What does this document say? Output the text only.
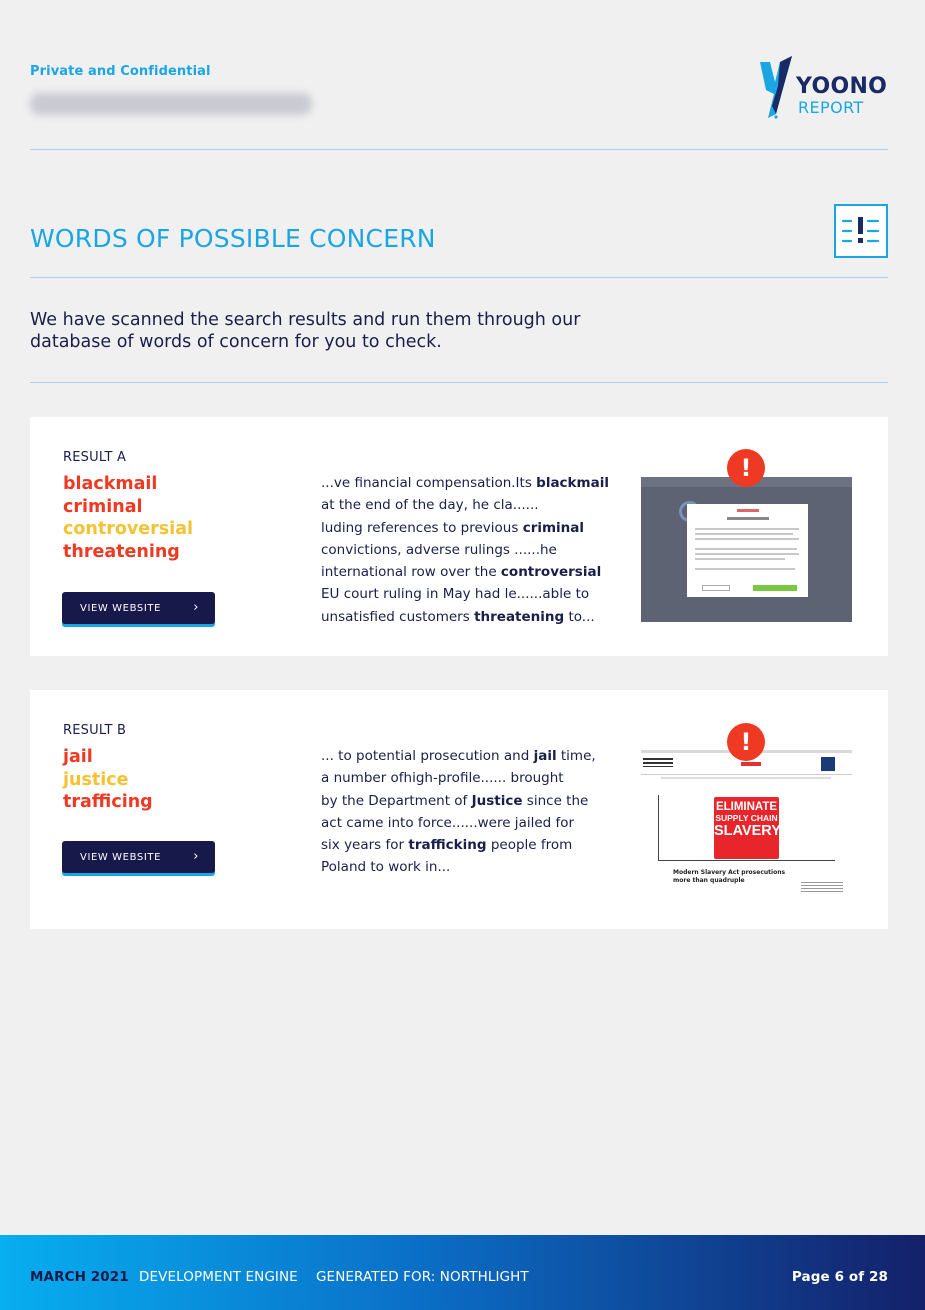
Private and Confidential
YOONO
REPORT
WORDS OF POSSIBLE CONCERN

We have scanned the search results and run them through our
database of words of concern for you to check.

RESULT A
blackmail
criminal
controversial
threatening
VIEW WEBSITE ›
...ve financial compensation.Its blackmail
at the end of the day, he cla......
luding references to previous criminal
convictions, adverse rulings ......he
international row over the controversial
EU court ruling in May had le......able to
unsatisfied customers threatening to...
!
RESULT B
jail
justice
trafficing
VIEW WEBSITE ›
... to potential prosecution and jail time,
a number ofhigh-profile...... brought
by the Department of Justice since the
act came into force......were jailed for
six years for trafficking people from
Poland to work in...
ELIMINATE
SUPPLY CHAIN
SLAVERY
Modern Slavery Act prosecutions
more than quadruple
!
MARCH 2021 DEVELOPMENT ENGINE GENERATED FOR: NORTHLIGHT	Page 6 of 28
